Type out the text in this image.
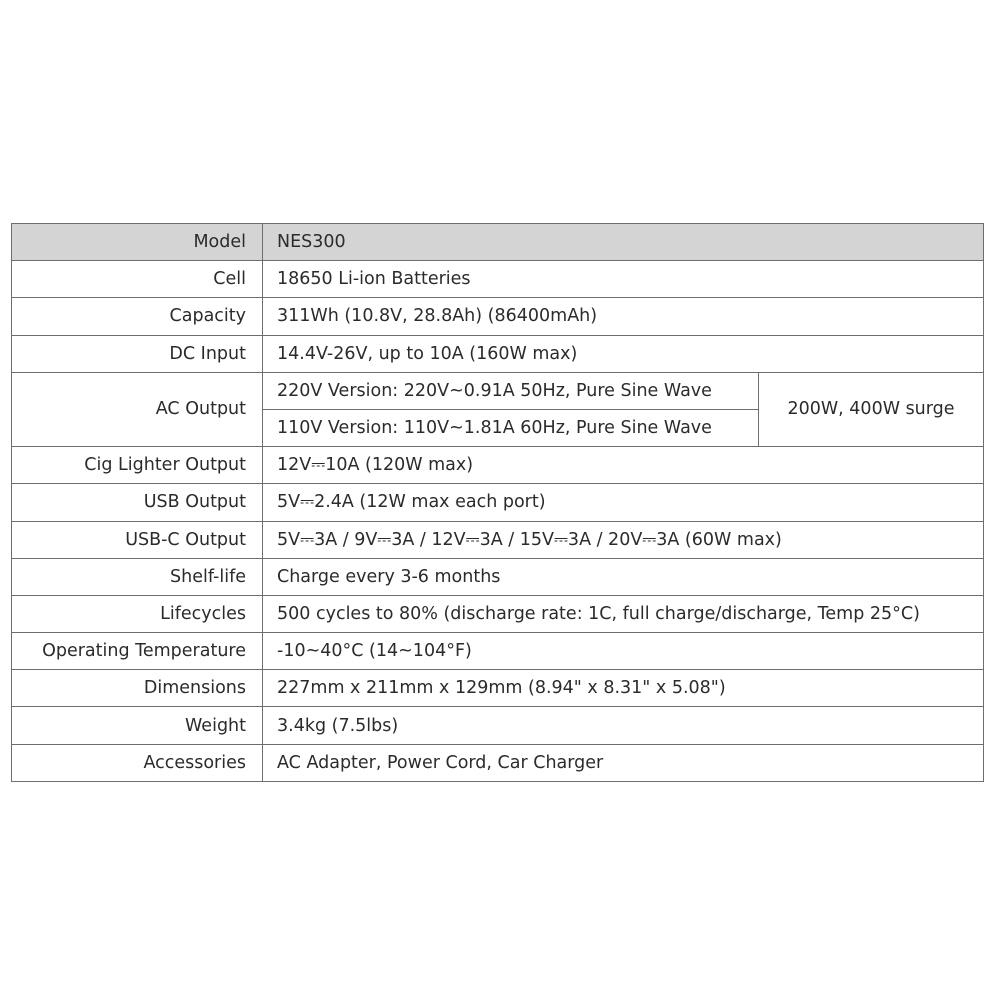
Model	NES300	
Cell	18650 Li-ion Batteries	
Capacity	311Wh (10.8V, 28.8Ah) (86400mAh)	
DC Input	14.4V-26V, up to 10A (160W max)	
AC Output	220V Version: 220V~0.91A 50Hz, Pure Sine Wave	200W, 400W surge
	110V Version: 110V~1.81A 60Hz, Pure Sine Wave	
Cig Lighter Output	12V⎓10A (120W max)	
USB Output	5V⎓2.4A (12W max each port)	
USB-C Output	5V⎓3A / 9V⎓3A / 12V⎓3A / 15V⎓3A / 20V⎓3A (60W max)	
Shelf-life	Charge every 3-6 months	
Lifecycles	500 cycles to 80% (discharge rate: 1C, full charge/discharge, Temp 25°C)	
Operating Temperature	-10~40°C (14~104°F)	
Dimensions	227mm x 211mm x 129mm (8.94" x 8.31" x 5.08")	
Weight	3.4kg (7.5lbs)	
Accessories	AC Adapter, Power Cord, Car Charger	
